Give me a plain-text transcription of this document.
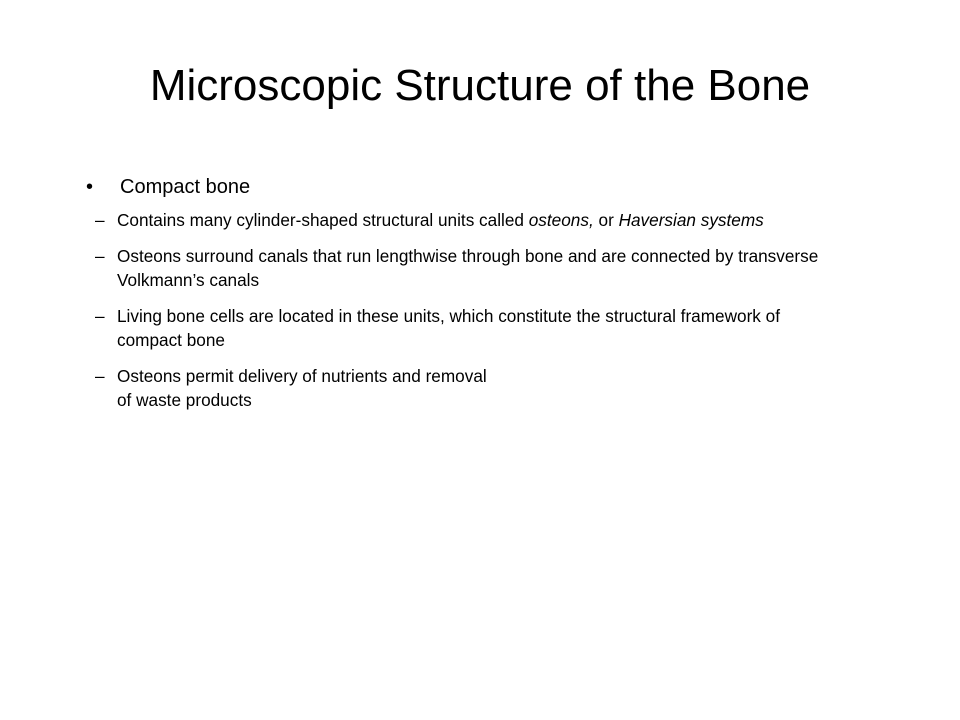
Microscopic Structure of the Bone
• Compact bone
– Contains many cylinder-shaped structural units called osteons, or Haversian systems
– Osteons surround canals that run lengthwise through bone and are connected by transverse Volkmann’s canals
– Living bone cells are located in these units, which constitute the structural framework of compact bone
– Osteons permit delivery of nutrients and removal
of waste products
